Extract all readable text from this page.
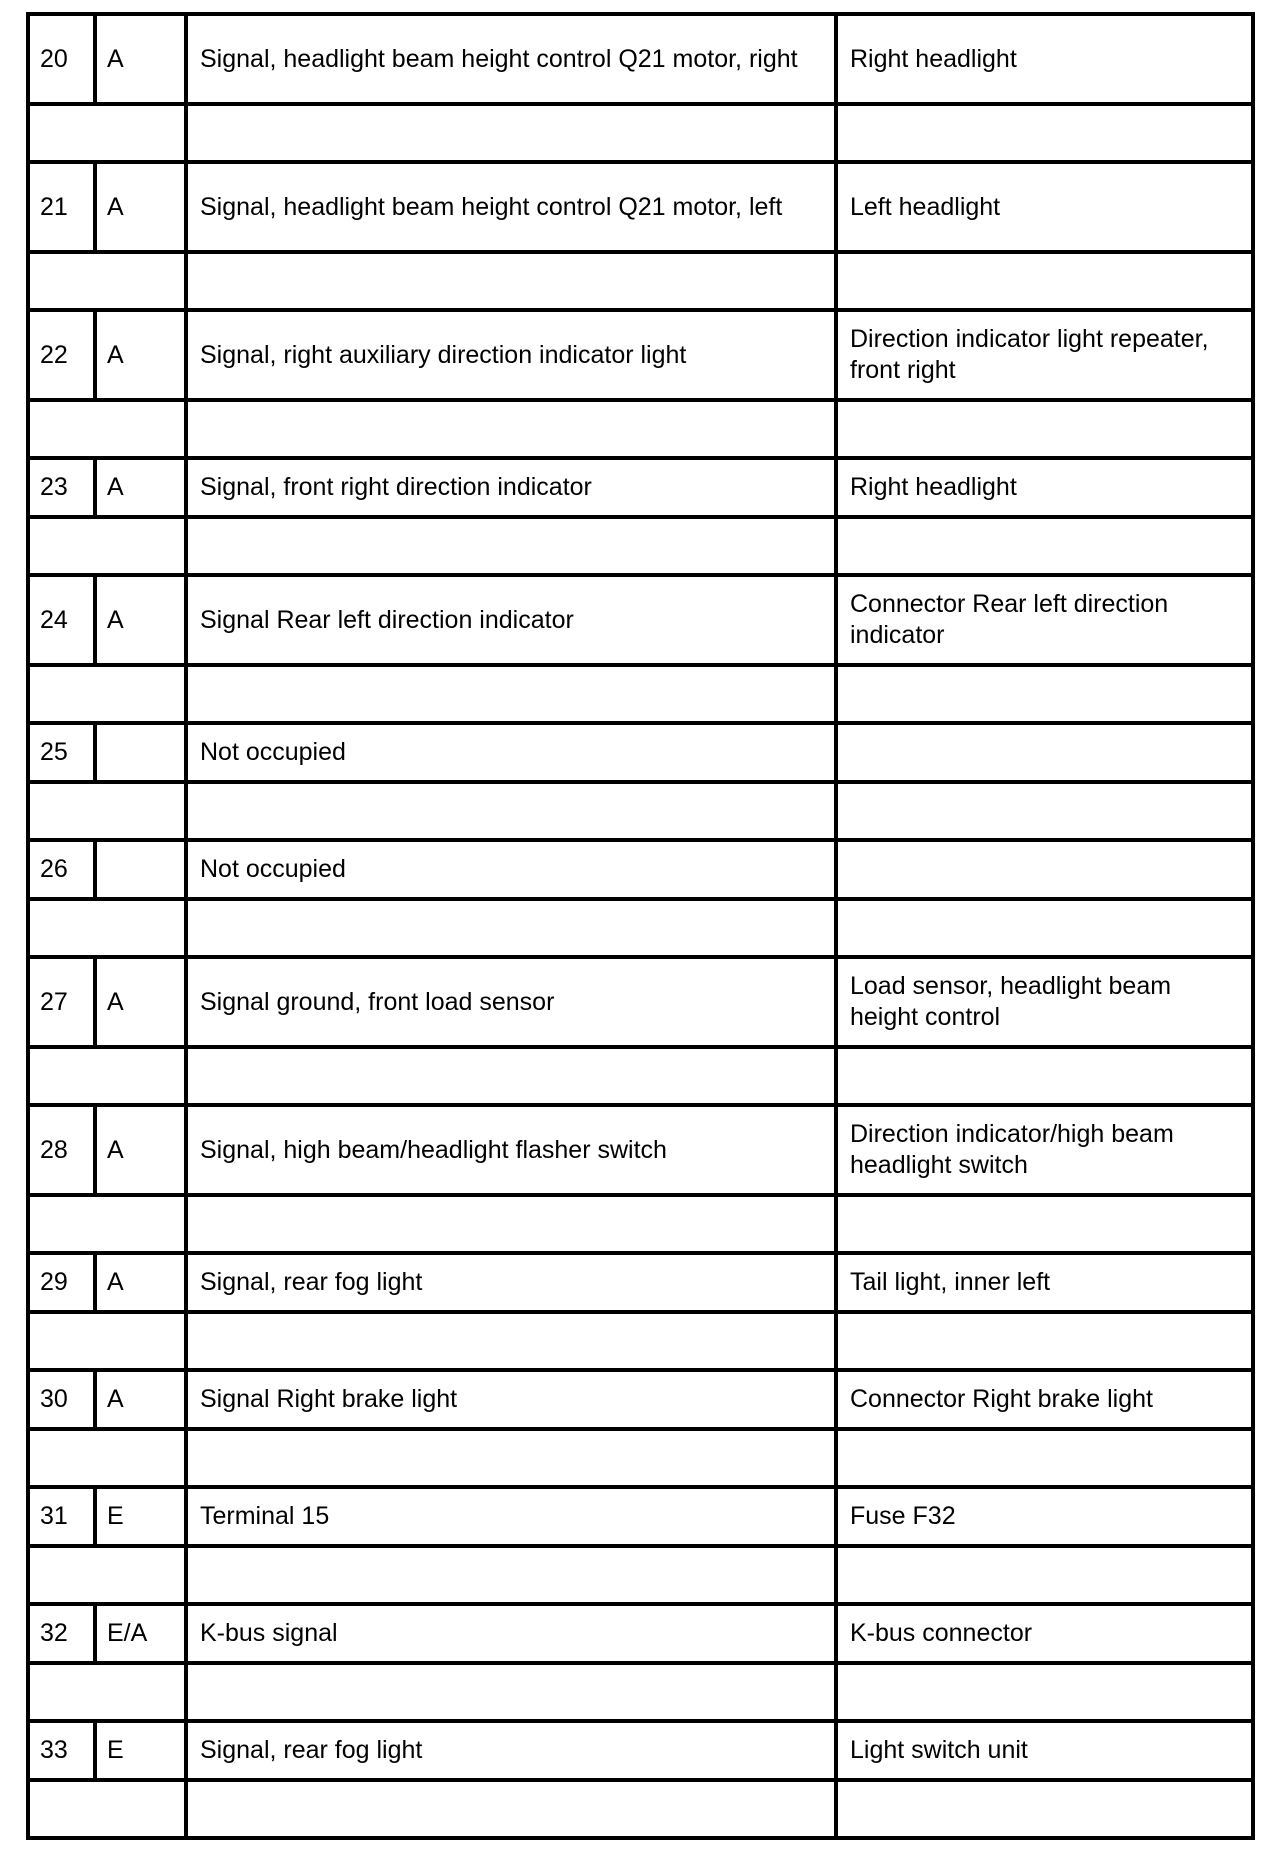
20	A	Signal, headlight beam height control Q21 motor, right	Right headlight

21	A	Signal, headlight beam height control Q21 motor, left	Left headlight

22	A	Signal, right auxiliary direction indicator light	Direction indicator light repeater, front right

23	A	Signal, front right direction indicator	Right headlight

24	A	Signal Rear left direction indicator	Connector Rear left direction indicator

25		Not occupied	

26		Not occupied	

27	A	Signal ground, front load sensor	Load sensor, headlight beam height control

28	A	Signal, high beam/headlight flasher switch	Direction indicator/high beam headlight switch

29	A	Signal, rear fog light	Tail light, inner left

30	A	Signal Right brake light	Connector Right brake light

31	E	Terminal 15	Fuse F32

32	E/A	K-bus signal	K-bus connector

33	E	Signal, rear fog light	Light switch unit
